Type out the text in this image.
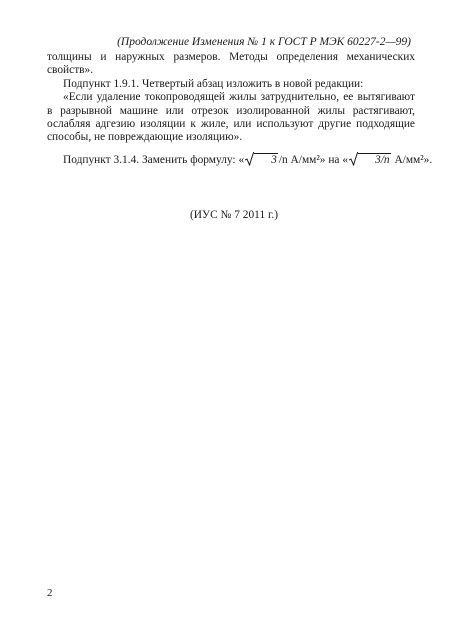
(Продолжение Изменения № 1 к ГОСТ Р МЭК 60227-2—99)

толщины и наружных размеров. Методы определения механических свойств».

Подпункт 1.9.1. Четвертый абзац изложить в новой редакции:

«Если удаление токопроводящей жилы затруднительно, ее вытягивают в разрывной машине или отрезок изолированной жилы растягивают, ослабляя адгезию изоляции к жиле, или используют другие подходящие способы, не повреждающие изоляцию».

Подпункт 3.1.4. Заменить формулу: «	3 /n А/мм²» на «	3/n А/мм²».

(ИУС № 7 2011 г.)
2
